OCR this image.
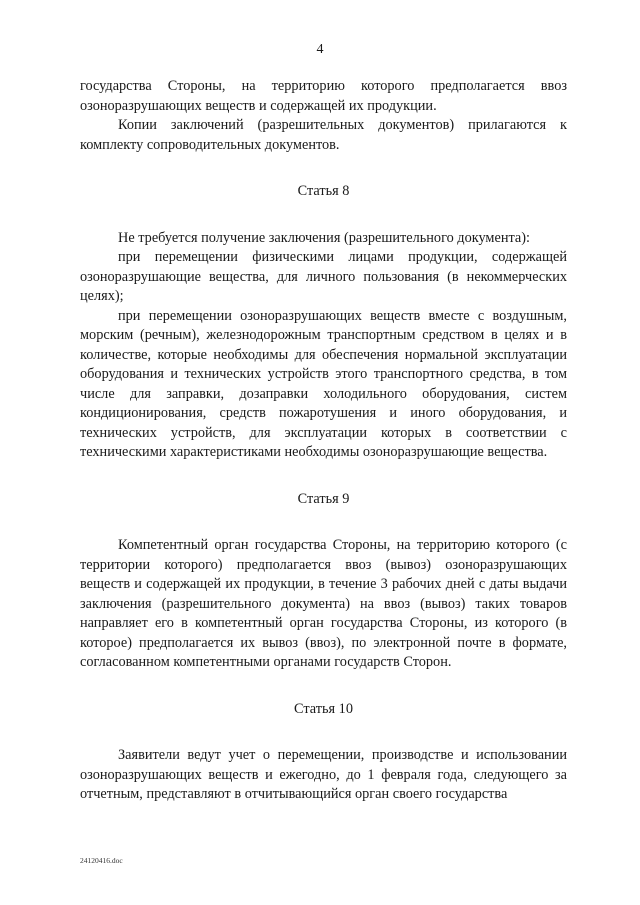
4

государства Стороны, на территорию которого предполагается ввоз озоноразрушающих веществ и содержащей их продукции.

Копии заключений (разрешительных документов) прилагаются к комплекту сопроводительных документов.

Статья 8

Не требуется получение заключения (разрешительного документа):

при перемещении физическими лицами продукции, содержащей озоноразрушающие вещества, для личного пользования (в некоммерческих целях);

при перемещении озоноразрушающих веществ вместе с воздушным, морским (речным), железнодорожным транспортным средством в целях и в количестве, которые необходимы для обеспечения нормальной эксплуатации оборудования и технических устройств этого транспортного средства, в том числе для заправки, дозаправки холодильного оборудования, систем кондиционирования, средств пожаротушения и иного оборудования, и технических устройств, для эксплуатации которых в соответствии с техническими характеристиками необходимы озоноразрушающие вещества.

Статья 9

Компетентный орган государства Стороны, на территорию которого (с территории которого) предполагается ввоз (вывоз) озоноразрушающих веществ и содержащей их продукции, в течение 3 рабочих дней с даты выдачи заключения (разрешительного документа) на ввоз (вывоз) таких товаров направляет его в компетентный орган государства Стороны, из которого (в которое) предполагается их вывоз (ввоз), по электронной почте в формате, согласованном компетентными органами государств Сторон.

Статья 10

Заявители ведут учет о перемещении, производстве и использовании озоноразрушающих веществ и ежегодно, до 1 февраля года, следующего за отчетным, представляют в отчитывающийся орган своего государства

24120416.doc
